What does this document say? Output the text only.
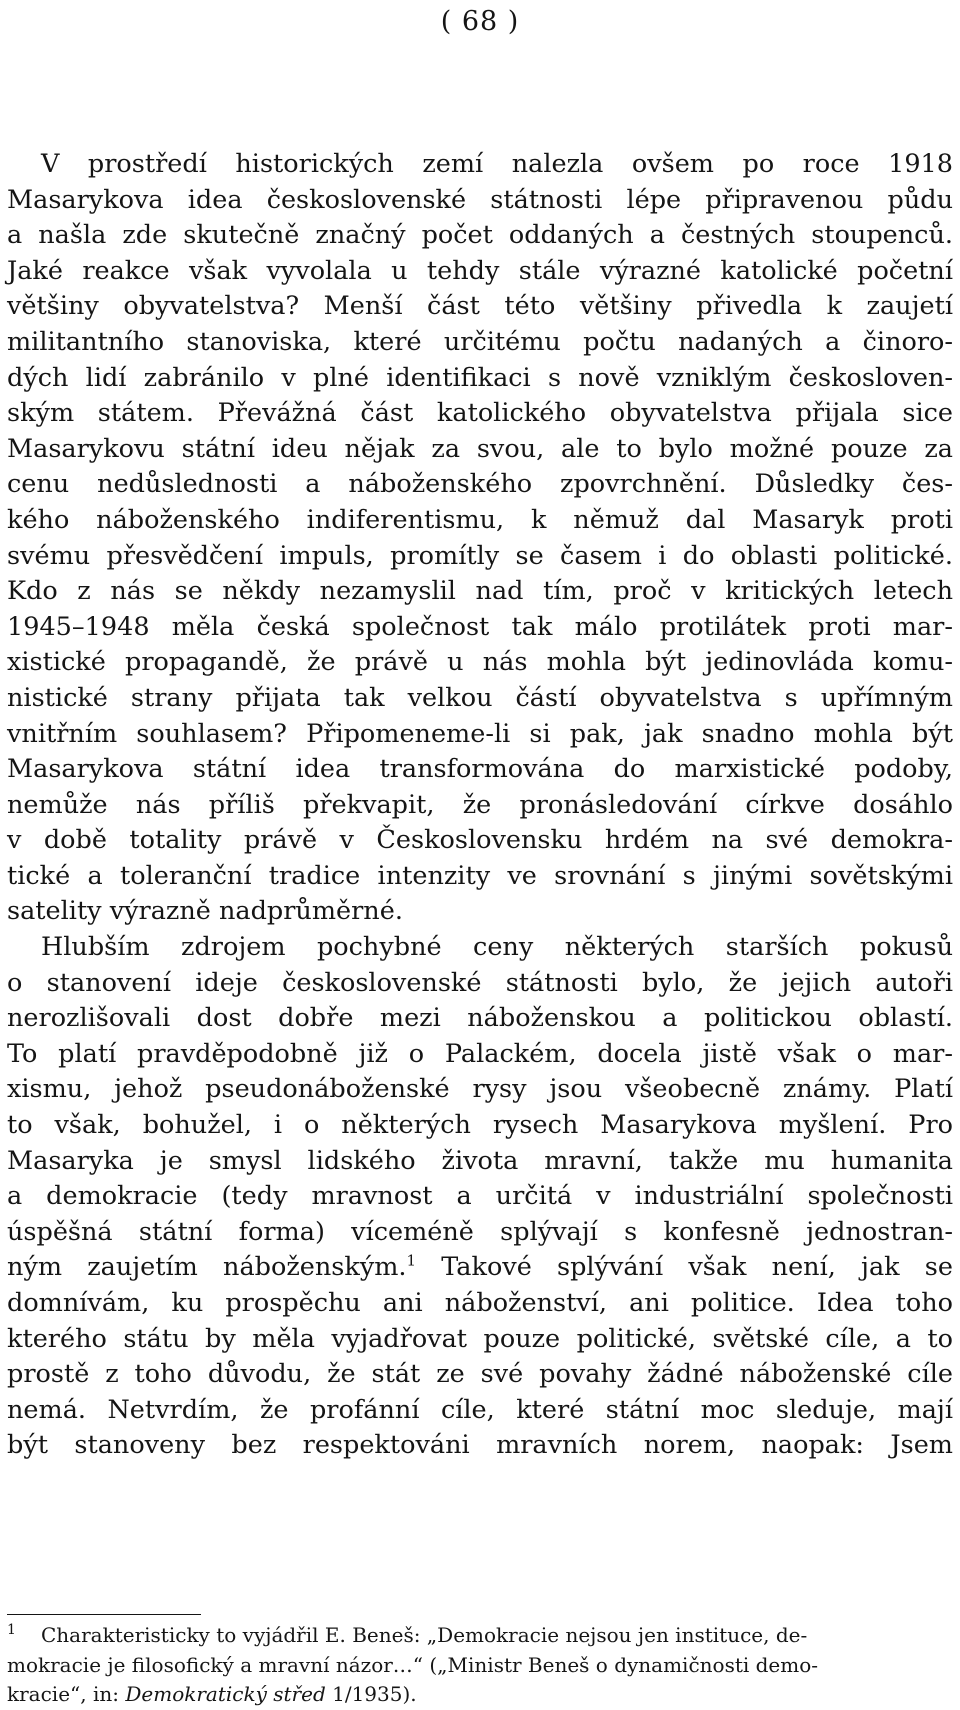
( 68 )
V prostředí historických zemí nalezla ovšem po roce 1918
Masarykova idea československé státnosti lépe připravenou půdu
a našla zde skutečně značný počet oddaných a čestných stoupenců.
Jaké reakce však vyvolala u tehdy stále výrazné katolické početní
většiny obyvatelstva? Menší část této většiny přivedla k zaujetí
militantního stanoviska, které určitému počtu nadaných a činoro-
dých lidí zabránilo v plné identifikaci s nově vzniklým českosloven-
ským státem. Převážná část katolického obyvatelstva přijala sice
Masarykovu státní ideu nějak za svou, ale to bylo možné pouze za
cenu nedůslednosti a náboženského zpovrchnění. Důsledky čes-
kého náboženského indiferentismu, k němuž dal Masaryk proti
svému přesvědčení impuls, promítly se časem i do oblasti politické.
Kdo z nás se někdy nezamyslil nad tím, proč v kritických letech
1945–1948 měla česká společnost tak málo protilátek proti mar-
xistické propagandě, že právě u nás mohla být jedinovláda komu-
nistické strany přijata tak velkou částí obyvatelstva s upřímným
vnitřním souhlasem? Připomeneme-li si pak, jak snadno mohla být
Masarykova státní idea transformována do marxistické podoby,
nemůže nás příliš překvapit, že pronásledování církve dosáhlo
v době totality právě v Československu hrdém na své demokra-
tické a toleranční tradice intenzity ve srovnání s jinými sovětskými
satelity výrazně nadprůměrné.
Hlubším zdrojem pochybné ceny některých starších pokusů
o stanovení ideje československé státnosti bylo, že jejich autoři
nerozlišovali dost dobře mezi náboženskou a politickou oblastí.
To platí pravděpodobně již o Palackém, docela jistě však o mar-
xismu, jehož pseudonáboženské rysy jsou všeobecně známy. Platí
to však, bohužel, i o některých rysech Masarykova myšlení. Pro
Masaryka je smysl lidského života mravní, takže mu humanita
a demokracie (tedy mravnost a určitá v industriální společnosti
úspěšná státní forma) víceméně splývají s konfesně jednostran-
ným zaujetím náboženským.$^1$ Takové splývání však není, jak se
domnívám, ku prospěchu ani náboženství, ani politice. Idea toho
kterého státu by měla vyjadřovat pouze politické, světské cíle, a to
prostě z toho důvodu, že stát ze své povahy žádné náboženské cíle
nemá. Netvrdím, že profánní cíle, které státní moc sleduje, mají
být stanoveny bez respektováni mravních norem, naopak: Jsem
1 Charakteristicky to vyjádřil E. Beneš: „Demokracie nejsou jen instituce, de-
mokracie je filosofický a mravní názor…“ („Ministr Beneš o dynamičnosti demo-
kracie“, in: Demokratický střed 1/1935).
